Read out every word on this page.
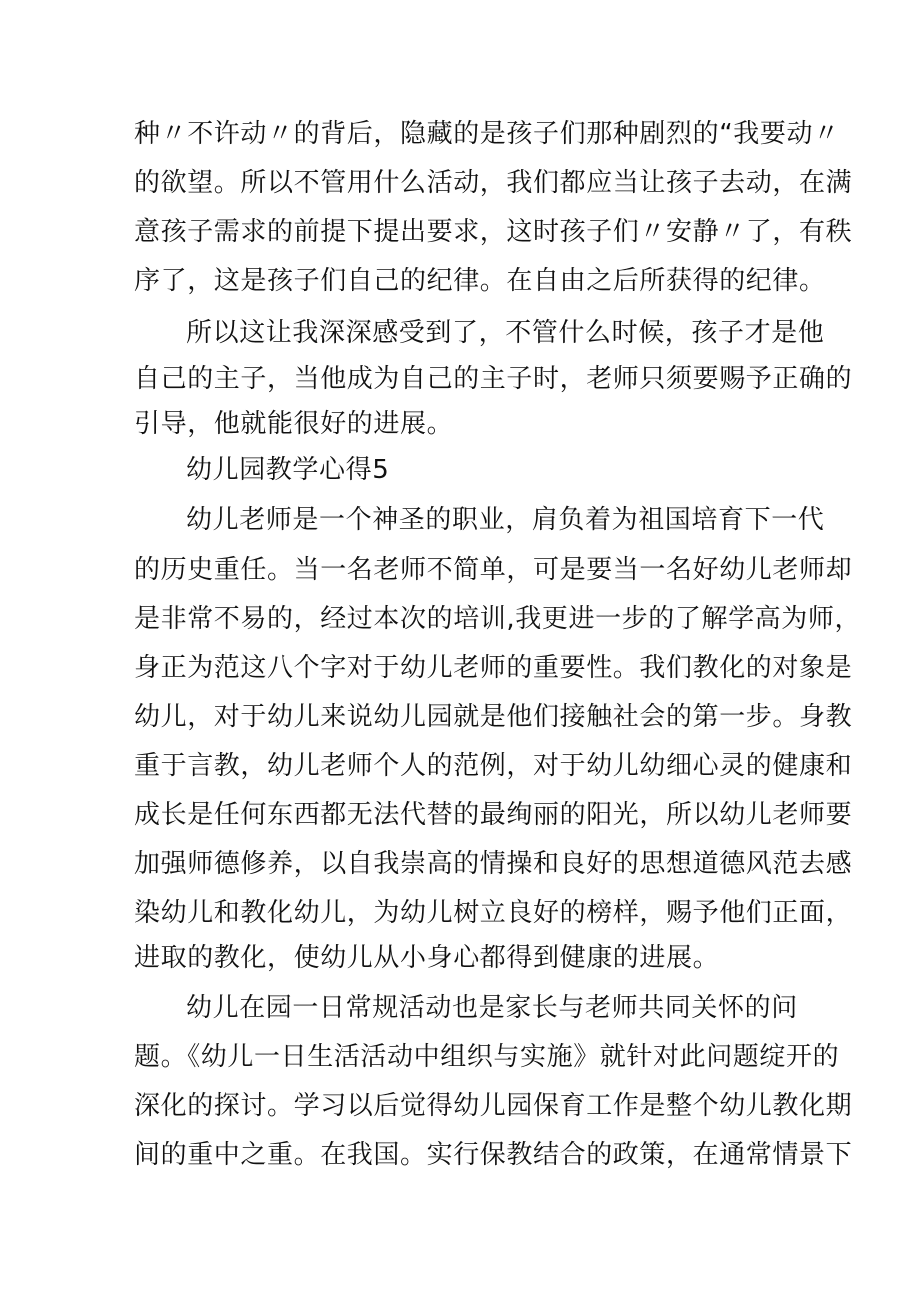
种〃不许动〃的背后，隐藏的是孩子们那种剧烈的“我要动〃
的欲望。所以不管用什么活动，我们都应当让孩子去动，在满
意孩子需求的前提下提出要求，这时孩子们〃安静〃了，有秩
序了，这是孩子们自己的纪律。在自由之后所获得的纪律。
所以这让我深深感受到了，不管什么时候，孩子才是他
自己的主子，当他成为自己的主子时，老师只须要赐予正确的
引导，他就能很好的进展。
幼儿园教学心得5
幼儿老师是一个神圣的职业，肩负着为祖国培育下一代
的历史重任。当一名老师不简单，可是要当一名好幼儿老师却
是非常不易的，经过本次的培训,我更进一步的了解学高为师，
身正为范这八个字对于幼儿老师的重要性。我们教化的对象是
幼儿，对于幼儿来说幼儿园就是他们接触社会的第一步。身教
重于言教，幼儿老师个人的范例，对于幼儿幼细心灵的健康和
成长是任何东西都无法代替的最绚丽的阳光，所以幼儿老师要
加强师德修养，以自我崇高的情操和良好的思想道德风范去感
染幼儿和教化幼儿，为幼儿树立良好的榜样，赐予他们正面，
进取的教化，使幼儿从小身心都得到健康的进展。
幼儿在园一日常规活动也是家长与老师共同关怀的问
题。《幼儿一日生活活动中组织与实施》就针对此问题绽开的
深化的探讨。学习以后觉得幼儿园保育工作是整个幼儿教化期
间的重中之重。在我国。实行保教结合的政策，在通常情景下
